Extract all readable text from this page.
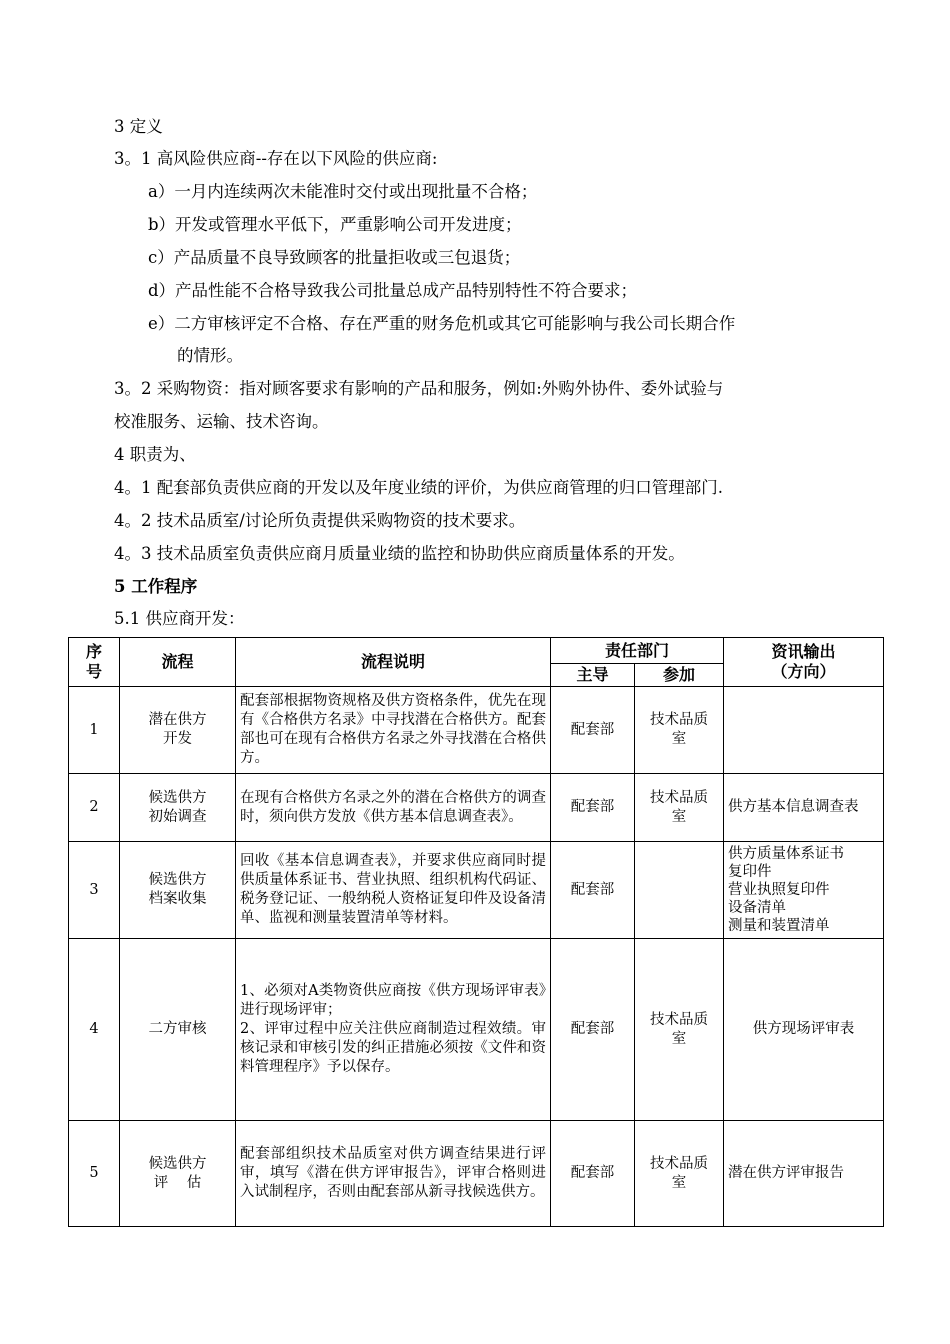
3 定义
3。1 高风险供应商--存在以下风险的供应商:
a）一月内连续两次未能准时交付或出现批量不合格；
b）开发或管理水平低下，严重影响公司开发进度；
c）产品质量不良导致顾客的批量拒收或三包退货；
d）产品性能不合格导致我公司批量总成产品特别特性不符合要求；
e）二方审核评定不合格、存在严重的财务危机或其它可能影响与我公司长期合作
的情形。
3。2 采购物资：指对顾客要求有影响的产品和服务，例如:外购外协件、委外试验与
校准服务、运输、技术咨询。
4 职责为、
4。1 配套部负责供应商的开发以及年度业绩的评价，为供应商管理的归口管理部门.
4。2 技术品质室/讨论所负责提供采购物资的技术要求。
4。3 技术品质室负责供应商月质量业绩的监控和协助供应商质量体系的开发。
5 工作程序
5.1 供应商开发：
序
号	流程	流程说明	责任部门		资讯输出
（方向）

			主导	参加	
1	潜在供方
开发	配套部根据物资规格及供方资格条件，优先在现有《合格供方名录》中寻找潜在合格供方。配套部也可在现有合格供方名录之外寻找潜在合格供方。	配套部	技术品质
室	

2	候选供方
初始调查	在现有合格供方名录之外的潜在合格供方的调查时，须向供方发放《供方基本信息调查表》。	配套部	技术品质
室	供方基本信息调查表
3	候选供方
档案收集	回收《基本信息调查表》，并要求供应商同时提供质量体系证书、营业执照、组织机构代码证、税务登记证、一般纳税人资格证复印件及设备清单、监视和测量装置清单等材料。	配套部		供方质量体系证书
复印件
营业执照复印件
设备清单
测量和装置清单

4	二方审核	1、必须对A类物资供应商按《供方现场评审表》进行现场评审；
2、评审过程中应关注供应商制造过程效绩。审核记录和审核引发的纠正措施必须按《文件和资料管理程序》予以保存。	配套部	技术品质
室	供方现场评审表
5	候选供方
评    估	配套部组织技术品质室对供方调查结果进行评审，填写《潜在供方评审报告》，评审合格则进入试制程序，否则由配套部从新寻找候选供方。	配套部	技术品质
室	潜在供方评审报告
